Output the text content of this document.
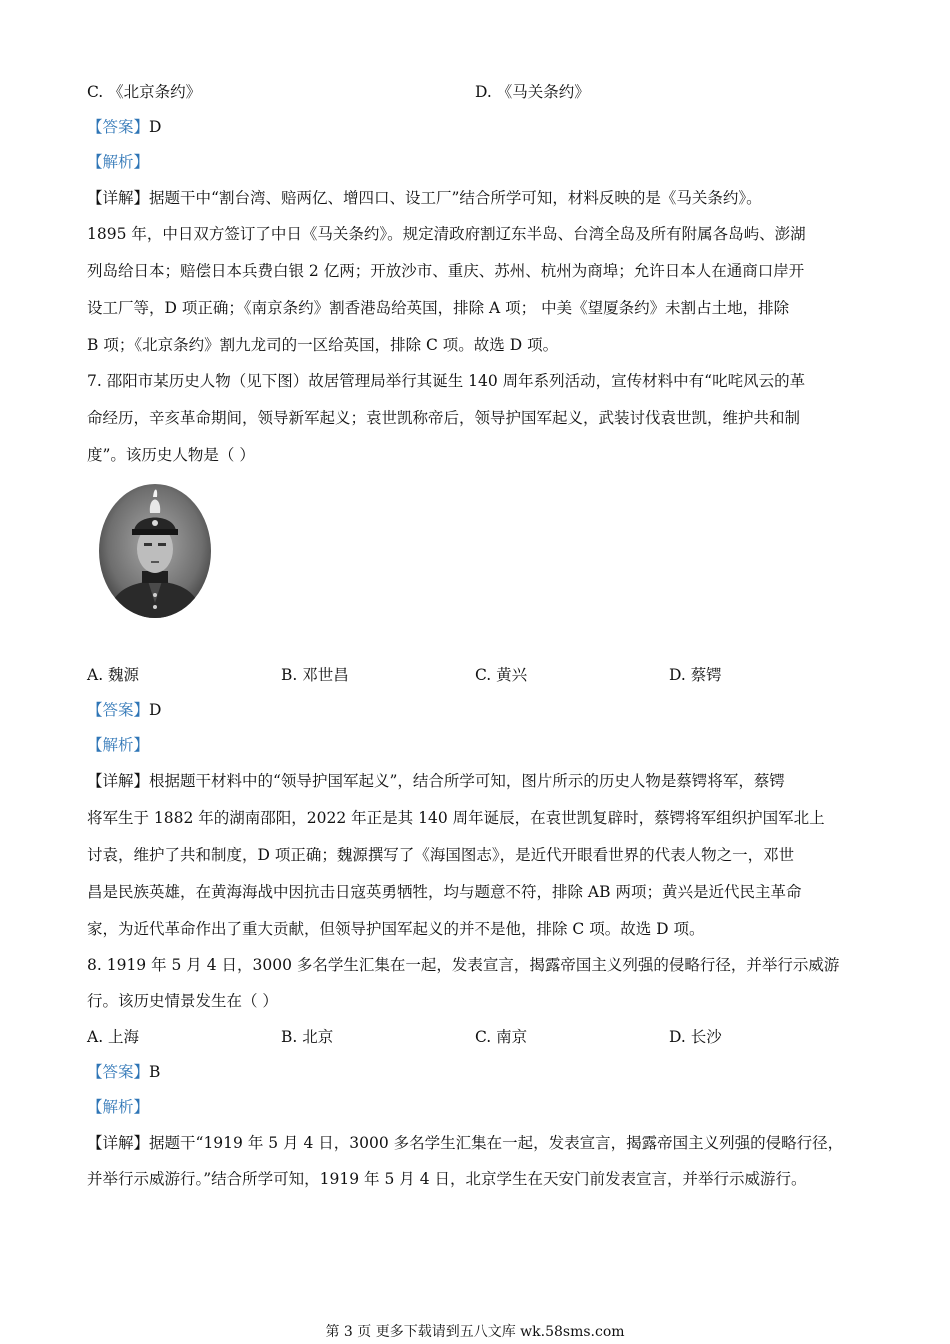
C. 《北京条约》	D. 《马关条约》
【答案】D
【解析】
【详解】据题干中“割台湾、赔两亿、增四口、设工厂”结合所学可知，材料反映的是《马关条约》。
1895 年，中日双方签订了中日《马关条约》。规定清政府割辽东半岛、台湾全岛及所有附属各岛屿、澎湖
列岛给日本；赔偿日本兵费白银 2 亿两；开放沙市、重庆、苏州、杭州为商埠；允许日本人在通商口岸开
设工厂等，D 项正确；《南京条约》割香港岛给英国，排除 A 项； 中美《望厦条约》未割占土地，排除
B 项；《北京条约》割九龙司的一区给英国，排除 C 项。故选 D 项。
7. 邵阳市某历史人物（见下图）故居管理局举行其诞生 140 周年系列活动，宣传材料中有“叱咤风云的革
命经历，辛亥革命期间，领导新军起义；袁世凯称帝后，领导护国军起义，武装讨伐袁世凯，维护共和制
度”。该历史人物是（ ）
A. 魏源	B. 邓世昌	C. 黄兴	D. 蔡锷
【答案】D
【解析】
【详解】根据题干材料中的“领导护国军起义”，结合所学可知，图片所示的历史人物是蔡锷将军，蔡锷
将军生于 1882 年的湖南邵阳，2022 年正是其 140 周年诞辰，在袁世凯复辟时，蔡锷将军组织护国军北上
讨袁，维护了共和制度，D 项正确；魏源撰写了《海国图志》，是近代开眼看世界的代表人物之一，邓世
昌是民族英雄，在黄海海战中因抗击日寇英勇牺牲，均与题意不符，排除 AB 两项；黄兴是近代民主革命
家，为近代革命作出了重大贡献，但领导护国军起义的并不是他，排除 C 项。故选 D 项。
8. 1919 年 5 月 4 日，3000 多名学生汇集在一起，发表宣言，揭露帝国主义列强的侵略行径，并举行示威游
行。该历史情景发生在（ ）
A. 上海	B. 北京	C. 南京	D. 长沙
【答案】B
【解析】
【详解】据题干“1919 年 5 月 4 日，3000 多名学生汇集在一起，发表宣言，揭露帝国主义列强的侵略行径，
并举行示威游行。”结合所学可知，1919 年 5 月 4 日，北京学生在天安门前发表宣言，并举行示威游行。
第 3 页 更多下载请到五八文库 wk.58sms.com
